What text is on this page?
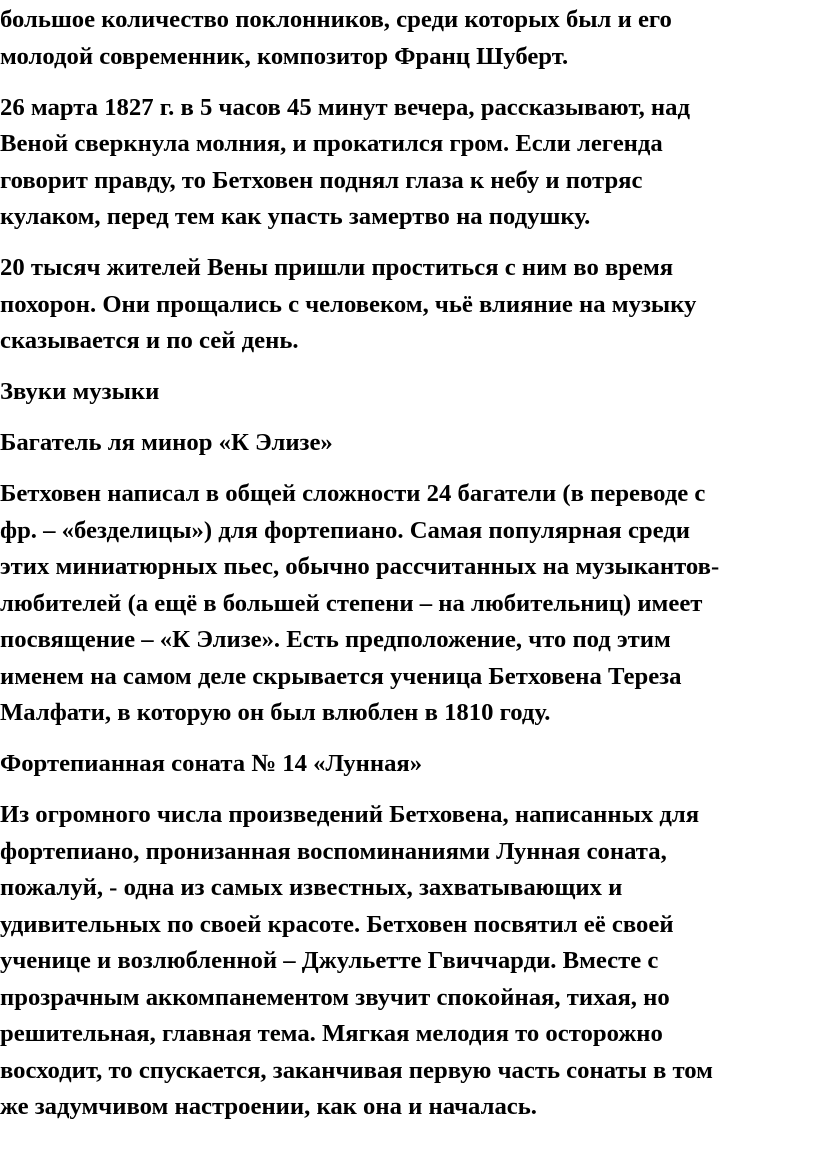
большое количество поклонников, среди которых был и его
молодой современник, композитор Франц Шуберт.

26 марта 1827 г. в 5 часов 45 минут вечера, рассказывают, над
Веной сверкнула молния, и прокатился гром. Если легенда
говорит правду, то Бетховен поднял глаза к небу и потряс
кулаком, перед тем как упасть замертво на подушку.

20 тысяч жителей Вены пришли проститься с ним во время
похорон. Они прощались с человеком, чьё влияние на музыку
сказывается и по сей день.

Звуки музыки

Багатель ля минор «К Элизе»

Бетховен написал в общей сложности 24 багатели (в переводе с
фр. – «безделицы») для фортепиано. Самая популярная среди
этих миниатюрных пьес, обычно рассчитанных на музыкантов-
любителей (а ещё в большей степени – на любительниц) имеет
посвящение – «К Элизе». Есть предположение, что под этим
именем на самом деле скрывается ученица Бетховена Тереза
Малфати, в которую он был влюблен в 1810 году.

Фортепианная соната № 14 «Лунная»

Из огромного числа произведений Бетховена, написанных для
фортепиано, пронизанная воспоминаниями Лунная соната,
пожалуй, - одна из самых известных, захватывающих и
удивительных по своей красоте. Бетховен посвятил её своей
ученице и возлюбленной – Джульетте Гвиччарди. Вместе с
прозрачным аккомпанементом звучит спокойная, тихая, но
решительная, главная тема. Мягкая мелодия то осторожно
восходит, то спускается, заканчивая первую часть сонаты в том
же задумчивом настроении, как она и началась.
